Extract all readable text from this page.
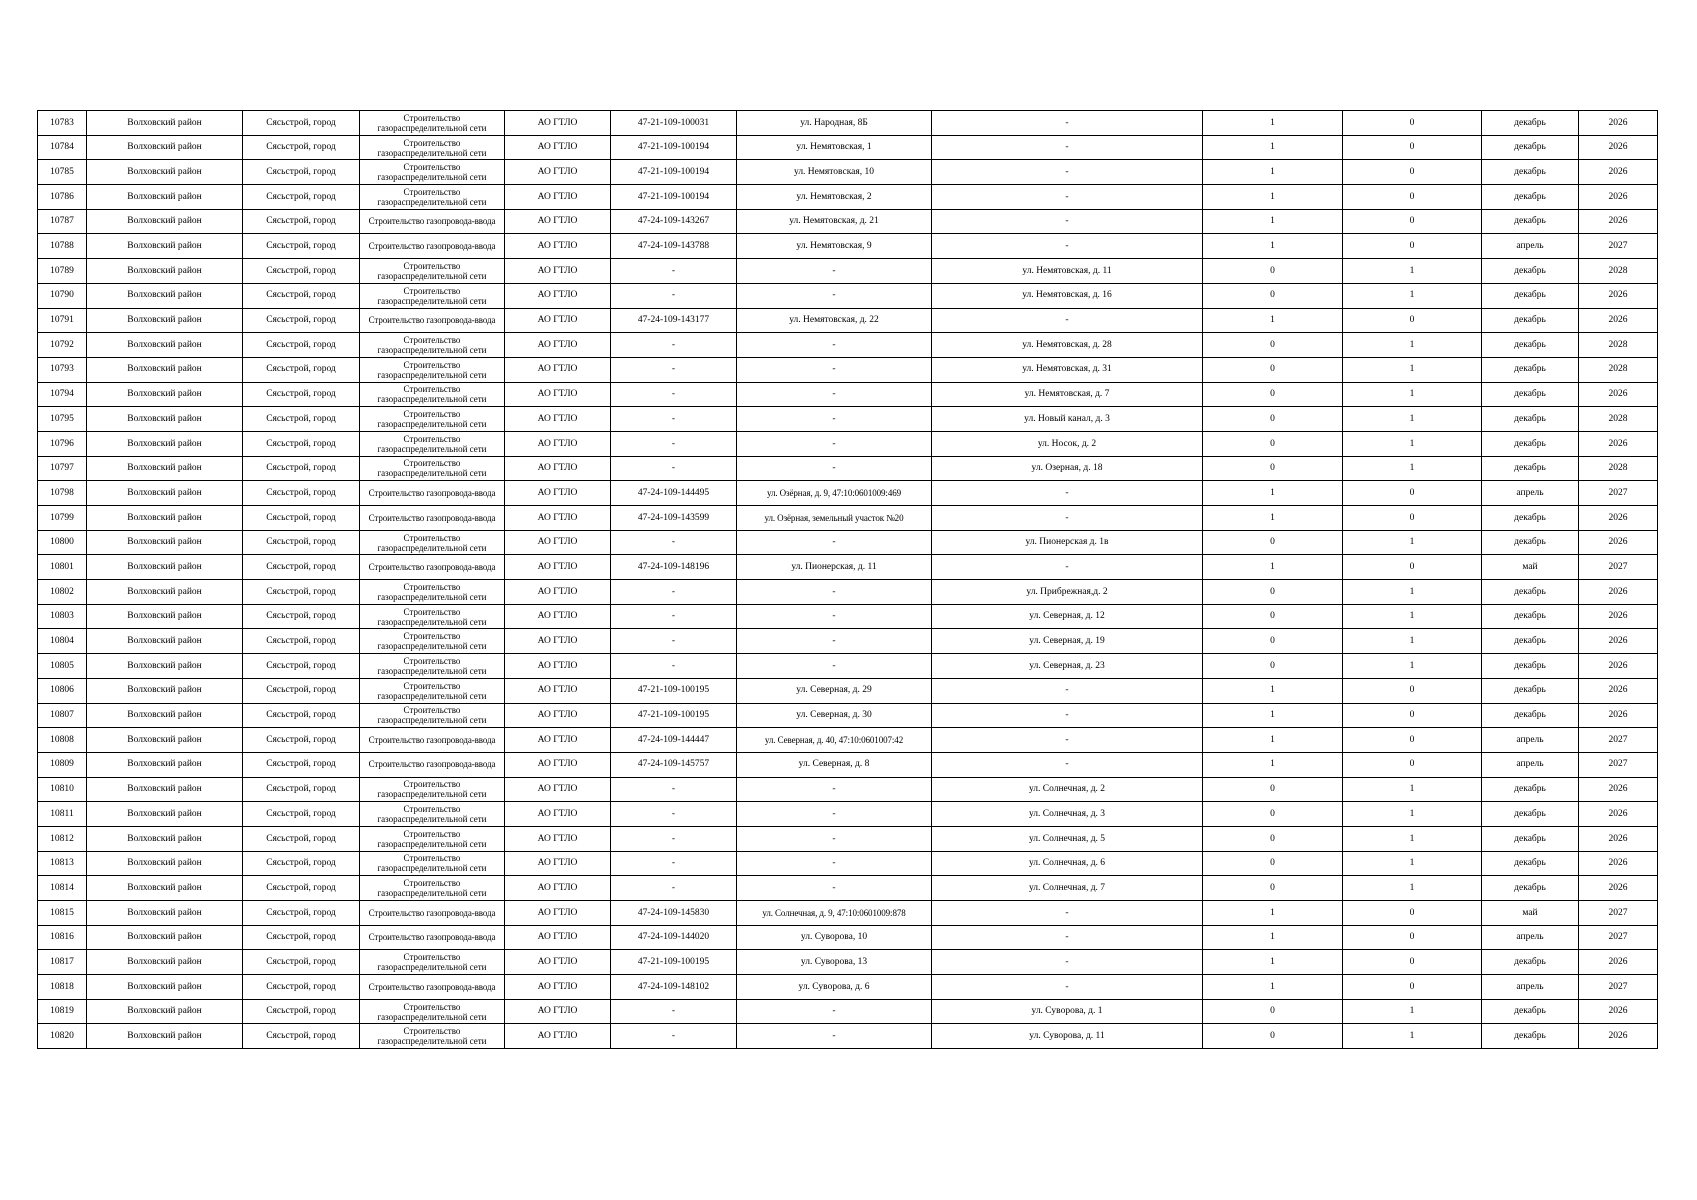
10783	Волховский район	Сясьстрой, город	Строительство газораспределительной сети	АО ГТЛО	47-21-109-100031	ул. Народная, 8Б	-	1	0	декабрь	2026
10784	Волховский район	Сясьстрой, город	Строительство газораспределительной сети	АО ГТЛО	47-21-109-100194	ул. Немятовская, 1	-	1	0	декабрь	2026
10785	Волховский район	Сясьстрой, город	Строительство газораспределительной сети	АО ГТЛО	47-21-109-100194	ул. Немятовская, 10	-	1	0	декабрь	2026
10786	Волховский район	Сясьстрой, город	Строительство газораспределительной сети	АО ГТЛО	47-21-109-100194	ул. Немятовская, 2	-	1	0	декабрь	2026
10787	Волховский район	Сясьстрой, город	Строительство газопровода-ввода	АО ГТЛО	47-24-109-143267	ул. Немятовская, д. 21	-	1	0	декабрь	2026
10788	Волховский район	Сясьстрой, город	Строительство газопровода-ввода	АО ГТЛО	47-24-109-143788	ул. Немятовская, 9	-	1	0	апрель	2027
10789	Волховский район	Сясьстрой, город	Строительство газораспределительной сети	АО ГТЛО	-	-	ул. Немятовская, д. 11	0	1	декабрь	2028
10790	Волховский район	Сясьстрой, город	Строительство газораспределительной сети	АО ГТЛО	-	-	ул. Немятовская, д. 16	0	1	декабрь	2026
10791	Волховский район	Сясьстрой, город	Строительство газопровода-ввода	АО ГТЛО	47-24-109-143177	ул. Немятовская, д. 22	-	1	0	декабрь	2026
10792	Волховский район	Сясьстрой, город	Строительство газораспределительной сети	АО ГТЛО	-	-	ул. Немятовская, д. 28	0	1	декабрь	2028
10793	Волховский район	Сясьстрой, город	Строительство газораспределительной сети	АО ГТЛО	-	-	ул. Немятовская, д. 31	0	1	декабрь	2028
10794	Волховский район	Сясьстрой, город	Строительство газораспределительной сети	АО ГТЛО	-	-	ул. Немятовская, д. 7	0	1	декабрь	2026
10795	Волховский район	Сясьстрой, город	Строительство газораспределительной сети	АО ГТЛО	-	-	ул. Новый канал, д. 3	0	1	декабрь	2028
10796	Волховский район	Сясьстрой, город	Строительство газораспределительной сети	АО ГТЛО	-	-	ул. Носок, д. 2	0	1	декабрь	2026
10797	Волховский район	Сясьстрой, город	Строительство газораспределительной сети	АО ГТЛО	-	-	ул. Озерная, д. 18	0	1	декабрь	2028
10798	Волховский район	Сясьстрой, город	Строительство газопровода-ввода	АО ГТЛО	47-24-109-144495	ул. Озёрная, д. 9, 47:10:0601009:469	-	1	0	апрель	2027
10799	Волховский район	Сясьстрой, город	Строительство газопровода-ввода	АО ГТЛО	47-24-109-143599	ул. Озёрная, земельный участок №20	-	1	0	декабрь	2026
10800	Волховский район	Сясьстрой, город	Строительство газораспределительной сети	АО ГТЛО	-	-	ул. Пионерская д. 1в	0	1	декабрь	2026
10801	Волховский район	Сясьстрой, город	Строительство газопровода-ввода	АО ГТЛО	47-24-109-148196	ул. Пионерская, д. 11	-	1	0	май	2027
10802	Волховский район	Сясьстрой, город	Строительство газораспределительной сети	АО ГТЛО	-	-	ул. Прибрежная,д. 2	0	1	декабрь	2026
10803	Волховский район	Сясьстрой, город	Строительство газораспределительной сети	АО ГТЛО	-	-	ул. Северная, д. 12	0	1	декабрь	2026
10804	Волховский район	Сясьстрой, город	Строительство газораспределительной сети	АО ГТЛО	-	-	ул. Северная, д. 19	0	1	декабрь	2026
10805	Волховский район	Сясьстрой, город	Строительство газораспределительной сети	АО ГТЛО	-	-	ул. Северная, д. 23	0	1	декабрь	2026
10806	Волховский район	Сясьстрой, город	Строительство газораспределительной сети	АО ГТЛО	47-21-109-100195	ул. Северная, д. 29	-	1	0	декабрь	2026
10807	Волховский район	Сясьстрой, город	Строительство газораспределительной сети	АО ГТЛО	47-21-109-100195	ул. Северная, д. 30	-	1	0	декабрь	2026
10808	Волховский район	Сясьстрой, город	Строительство газопровода-ввода	АО ГТЛО	47-24-109-144447	ул. Северная, д. 40, 47:10:0601007:42	-	1	0	апрель	2027
10809	Волховский район	Сясьстрой, город	Строительство газопровода-ввода	АО ГТЛО	47-24-109-145757	ул. Северная, д. 8	-	1	0	апрель	2027
10810	Волховский район	Сясьстрой, город	Строительство газораспределительной сети	АО ГТЛО	-	-	ул. Солнечная, д. 2	0	1	декабрь	2026
10811	Волховский район	Сясьстрой, город	Строительство газораспределительной сети	АО ГТЛО	-	-	ул. Солнечная, д. 3	0	1	декабрь	2026
10812	Волховский район	Сясьстрой, город	Строительство газораспределительной сети	АО ГТЛО	-	-	ул. Солнечная, д. 5	0	1	декабрь	2026
10813	Волховский район	Сясьстрой, город	Строительство газораспределительной сети	АО ГТЛО	-	-	ул. Солнечная, д. 6	0	1	декабрь	2026
10814	Волховский район	Сясьстрой, город	Строительство газораспределительной сети	АО ГТЛО	-	-	ул. Солнечная, д. 7	0	1	декабрь	2026
10815	Волховский район	Сясьстрой, город	Строительство газопровода-ввода	АО ГТЛО	47-24-109-145830	ул. Солнечная, д. 9, 47:10:0601009:878	-	1	0	май	2027
10816	Волховский район	Сясьстрой, город	Строительство газопровода-ввода	АО ГТЛО	47-24-109-144020	ул. Суворова, 10	-	1	0	апрель	2027
10817	Волховский район	Сясьстрой, город	Строительство газораспределительной сети	АО ГТЛО	47-21-109-100195	ул. Суворова, 13	-	1	0	декабрь	2026
10818	Волховский район	Сясьстрой, город	Строительство газопровода-ввода	АО ГТЛО	47-24-109-148102	ул. Суворова, д. 6	-	1	0	апрель	2027
10819	Волховский район	Сясьстрой, город	Строительство газораспределительной сети	АО ГТЛО	-	-	ул. Суворова, д. 1	0	1	декабрь	2026
10820	Волховский район	Сясьстрой, город	Строительство газораспределительной сети	АО ГТЛО	-	-	ул. Суворова, д. 11	0	1	декабрь	2026
